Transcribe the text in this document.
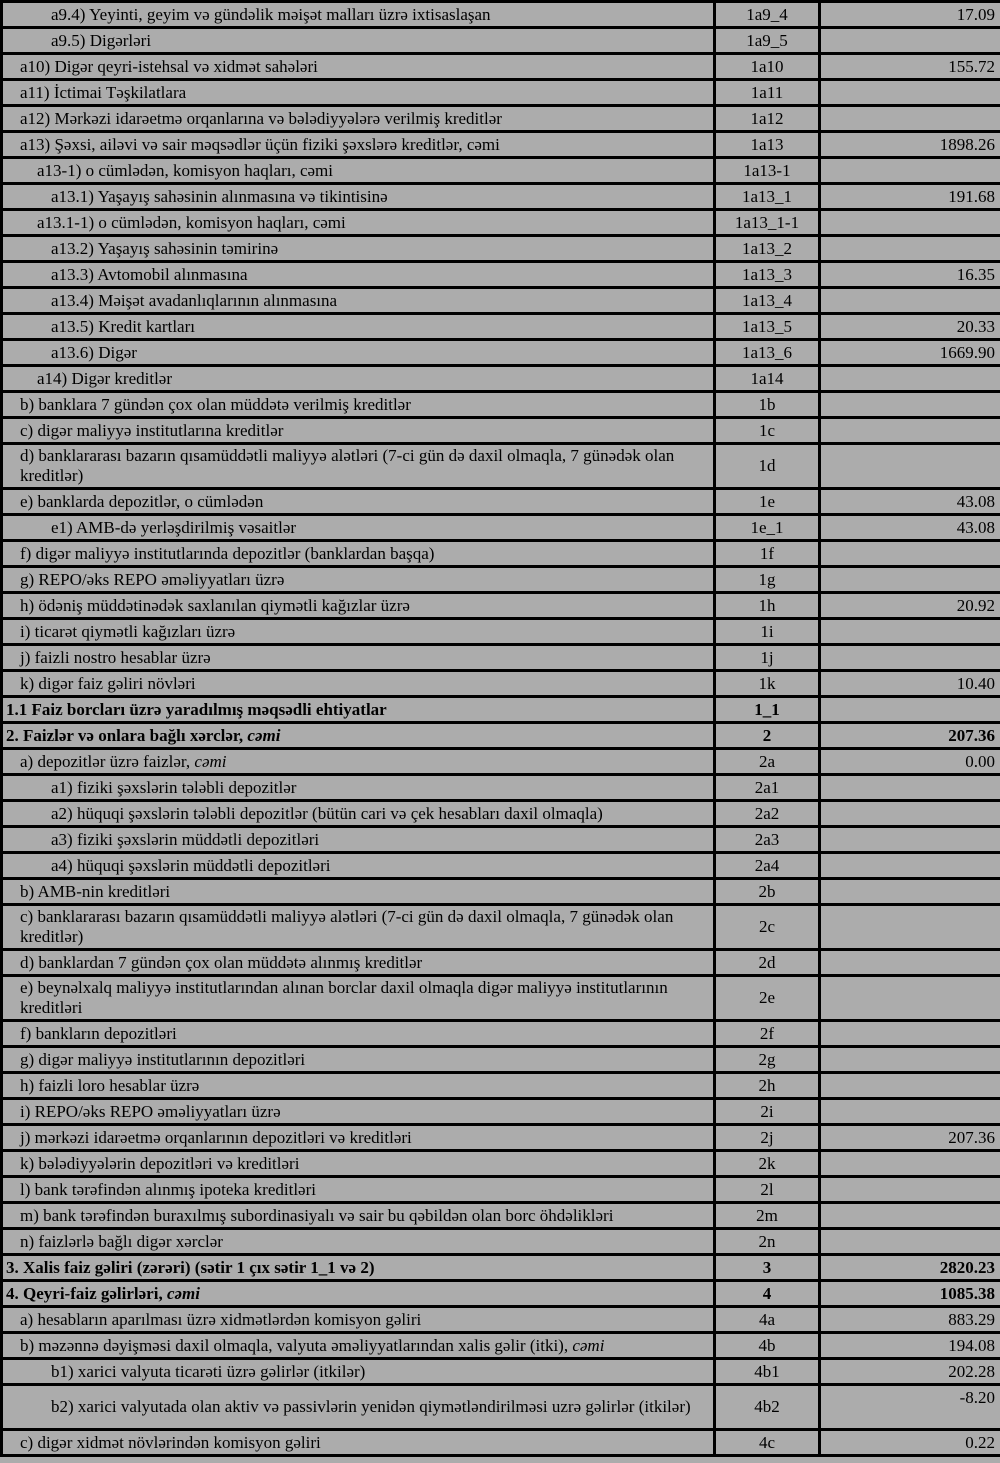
a9.4) Yeyinti, geyim və gündəlik məişət malları üzrə ixtisaslaşan	1a9_4	17.09
a9.5) Digərləri	1a9_5	
a10) Digər qeyri-istehsal və xidmət sahələri	1a10	155.72
a11) İctimai Təşkilatlara	1a11	
a12) Mərkəzi idarəetmə orqanlarına və bələdiyyələrə verilmiş kreditlər	1a12	
a13) Şəxsi, ailəvi və sair məqsədlər üçün fiziki şəxslərə kreditlər, cəmi	1a13	1898.26
a13-1) o cümlədən, komisyon haqları, cəmi	1a13-1	
a13.1) Yaşayış sahəsinin alınmasına və tikintisinə	1a13_1	191.68
a13.1-1) o cümlədən, komisyon haqları, cəmi	1a13_1-1	
a13.2) Yaşayış sahəsinin təmirinə	1a13_2	
a13.3) Avtomobil alınmasına	1a13_3	16.35
a13.4) Məişət avadanlıqlarının alınmasına	1a13_4	
a13.5) Kredit kartları	1a13_5	20.33
a13.6) Digər	1a13_6	1669.90
a14) Digər kreditlər	1a14	
b) banklara 7 gündən çox olan müddətə verilmiş kreditlər	1b	
c) digər maliyyə institutlarına kreditlər	1c	
d) banklararası bazarın qısamüddətli maliyyə alətləri (7-ci gün də daxil olmaqla, 7 günədək olan kreditlər)	1d	
e) banklarda depozitlər, o cümlədən	1e	43.08
e1) AMB-də yerləşdirilmiş vəsaitlər	1e_1	43.08
f) digər maliyyə institutlarında depozitlər (banklardan başqa)	1f	
g) REPO/əks REPO əməliyyatları üzrə	1g	
h) ödəniş müddətinədək saxlanılan qiymətli kağızlar üzrə	1h	20.92
i) ticarət qiymətli kağızları üzrə	1i	
j) faizli nostro hesablar üzrə	1j	
k) digər faiz gəliri növləri	1k	10.40
1.1 Faiz borcları üzrə yaradılmış məqsədli ehtiyatlar	1_1	
2. Faizlər və onlara bağlı xərclər, cəmi	2	207.36
a) depozitlər üzrə faizlər, cəmi	2a	0.00
a1) fiziki şəxslərin tələbli depozitlər	2a1	
a2) hüquqi şəxslərin tələbli depozitlər (bütün cari və çek hesabları daxil olmaqla)	2a2	
a3) fiziki şəxslərin müddətli depozitləri	2a3	
a4) hüquqi şəxslərin müddətli depozitləri	2a4	
b) AMB-nin kreditləri	2b	
c) banklararası bazarın qısamüddətli maliyyə alətləri (7-ci gün də daxil olmaqla, 7 günədək olan kreditlər)	2c	
d) banklardan 7 gündən çox olan müddətə alınmış kreditlər	2d	
e) beynəlxalq maliyyə institutlarından alınan borclar daxil olmaqla digər maliyyə institutlarının kreditləri	2e	
f) bankların depozitləri	2f	
g) digər maliyyə institutlarının depozitləri	2g	
h) faizli loro hesablar üzrə	2h	
i) REPO/əks REPO əməliyyatları üzrə	2i	
j) mərkəzi idarəetmə orqanlarının depozitləri və kreditləri	2j	207.36
k) bələdiyyələrin depozitləri və kreditləri	2k	
l) bank tərəfindən alınmış ipoteka kreditləri	2l	
m) bank tərəfindən buraxılmış subordinasiyalı və sair bu qəbildən olan borc öhdəlikləri	2m	
n) faizlərlə bağlı digər xərclər	2n	
3. Xalis faiz gəliri (zərəri) (sətir 1 çıx sətir 1_1 və 2)	3	2820.23
4. Qeyri-faiz gəlirləri, cəmi	4	1085.38
a) hesabların aparılması üzrə xidmətlərdən komisyon gəliri	4a	883.29
b) məzənnə dəyişməsi daxil olmaqla, valyuta əməliyyatlarından xalis gəlir (itki), cəmi	4b	194.08
b1) xarici valyuta ticarəti üzrə gəlirlər (itkilər)	4b1	202.28
b2) xarici valyutada olan aktiv və passivlərin yenidən qiymətləndirilməsi uzrə gəlirlər (itkilər)	4b2	-8.20
c) digər xidmət növlərindən komisyon gəliri	4c	0.22
